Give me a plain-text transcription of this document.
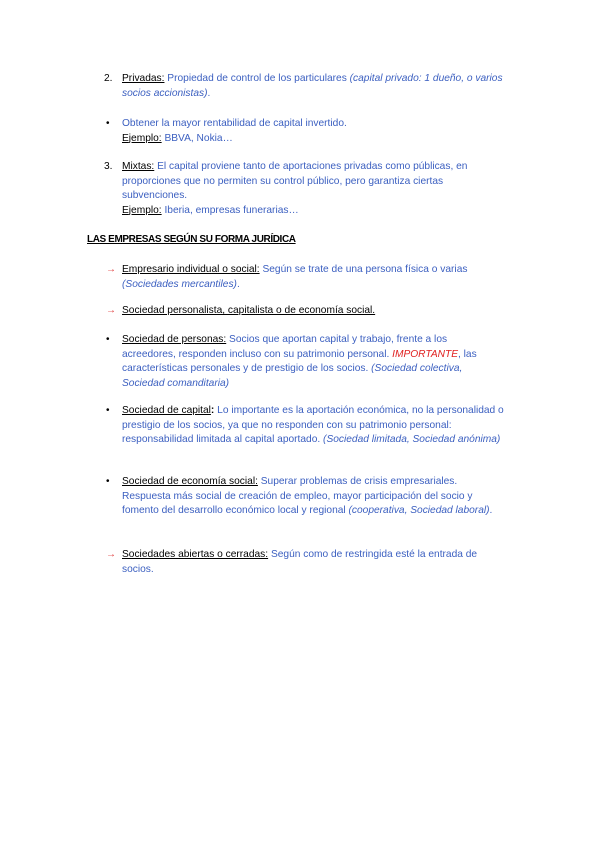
2. Privadas: Propiedad de control de los particulares (capital privado: 1 dueño, o varios socios accionistas).
• Obtener la mayor rentabilidad de capital invertido.
Ejemplo: BBVA, Nokia…
3. Mixtas: El capital proviene tanto de aportaciones privadas como públicas, en proporciones que no permiten su control público, pero garantiza ciertas subvenciones.
Ejemplo: Iberia, empresas funerarias…
LAS EMPRESAS SEGÚN SU FORMA JURÍDICA
→ Empresario individual o social: Según se trate de una persona física o varias (Sociedades mercantiles).
→ Sociedad personalista, capitalista o de economía social.
• Sociedad de personas: Socios que aportan capital y trabajo, frente a los acreedores, responden incluso con su patrimonio personal. IMPORTANTE, las características personales y de prestigio de los socios. (Sociedad colectiva, Sociedad comanditaria)
• Sociedad de capital: Lo importante es la aportación económica, no la personalidad o prestigio de los socios, ya que no responden con su patrimonio personal: responsabilidad limitada al capital aportado. (Sociedad limitada, Sociedad anónima)
• Sociedad de economía social: Superar problemas de crisis empresariales. Respuesta más social de creación de empleo, mayor participación del socio y fomento del desarrollo económico local y regional (cooperativa, Sociedad laboral).
→ Sociedades abiertas o cerradas: Según como de restringida esté la entrada de socios.
